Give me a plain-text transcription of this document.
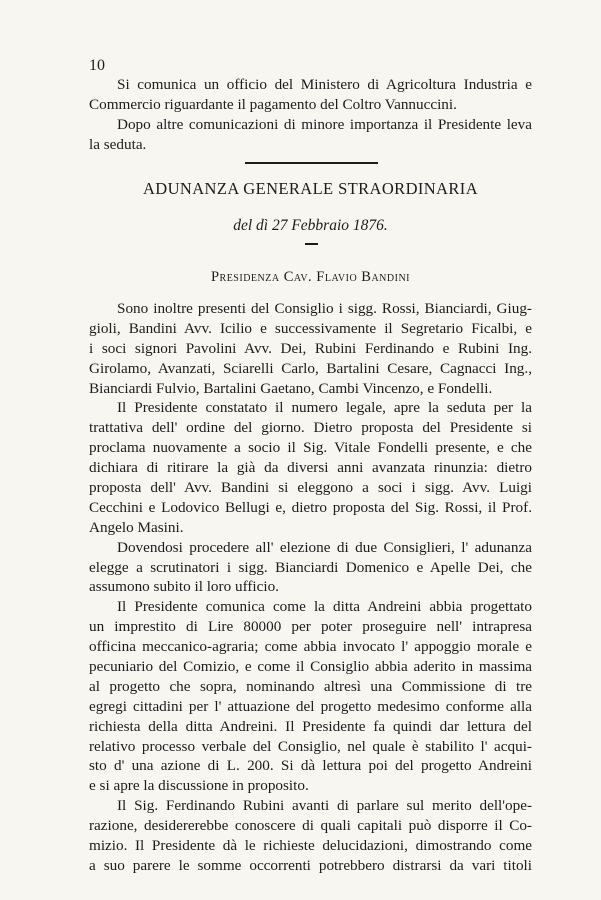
10
Si comunica un officio del Ministero di Agricoltura Industria e
Commercio riguardante il pagamento del Coltro Vannuccini.
Dopo altre comunicazioni di minore importanza il Presidente leva
la seduta.
ADUNANZA GENERALE STRAORDINARIA
del dì 27 Febbraio 1876.
Presidenza Cav. Flavio Bandini
Sono inoltre presenti del Consiglio i sigg. Rossi, Bianciardi, Giug-
gioli, Bandini Avv. Icilio e successivamente il Segretario Ficalbi, e
i soci signori Pavolini Avv. Dei, Rubini Ferdinando e Rubini Ing.
Girolamo, Avanzati, Sciarelli Carlo, Bartalini Cesare, Cagnacci Ing.,
Bianciardi Fulvio, Bartalini Gaetano, Cambi Vincenzo, e Fondelli.
Il Presidente constatato il numero legale, apre la seduta per la
trattativa dell' ordine del giorno. Dietro proposta del Presidente si
proclama nuovamente a socio il Sig. Vitale Fondelli presente, e che
dichiara di ritirare la già da diversi anni avanzata rinunzia: dietro
proposta dell' Avv. Bandini si eleggono a soci i sigg. Avv. Luigi
Cecchini e Lodovico Bellugi e, dietro proposta del Sig. Rossi, il Prof.
Angelo Masini.
Dovendosi procedere all' elezione di due Consiglieri, l' adunanza
elegge a scrutinatori i sigg. Bianciardi Domenico e Apelle Dei, che
assumono subito il loro ufficio.
Il Presidente comunica come la ditta Andreini abbia progettato
un imprestito di Lire 80000 per poter proseguire nell' intrapresa
officina meccanico-agraria; come abbia invocato l' appoggio morale e
pecuniario del Comizio, e come il Consiglio abbia aderito in massima
al progetto che sopra, nominando altresì una Commissione di tre
egregi cittadini per l' attuazione del progetto medesimo conforme alla
richiesta della ditta Andreini. Il Presidente fa quindi dar lettura del
relativo processo verbale del Consiglio, nel quale è stabilito l' acqui-
sto d' una azione di L. 200. Si dà lettura poi del progetto Andreini
e si apre la discussione in proposito.
Il Sig. Ferdinando Rubini avanti di parlare sul merito dell'ope-
razione, desidererebbe conoscere di quali capitali può disporre il Co-
mizio. Il Presidente dà le richieste delucidazioni, dimostrando come
a suo parere le somme occorrenti potrebbero distrarsi da vari titoli
